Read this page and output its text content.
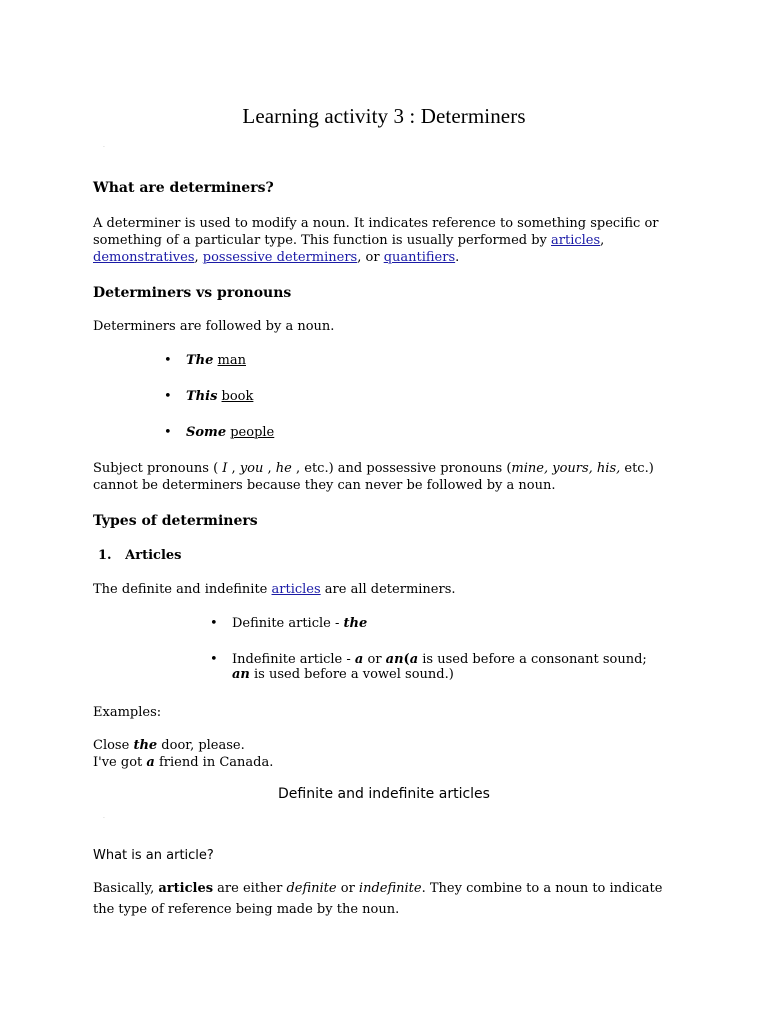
Learning activity 3 : Determiners
·
What are determiners?

A determiner is used to modify a noun. It indicates reference to something specific or something of a particular type. This function is usually performed by articles, demonstratives, possessive determiners, or quantifiers.

Determiners vs pronouns

Determiners are followed by a noun.

• The man
• This book
• Some people

Subject pronouns ( I , you , he , etc.) and possessive pronouns (mine, yours, his, etc.) cannot be determiners because they can never be followed by a noun.

Types of determiners
1. Articles

The definite and indefinite articles are all determiners.

• Definite article - the
• Indefinite article - a or an(a is used before a consonant sound; an is used before a vowel sound.)

Examples:

Close the door, please.

I've got a friend in Canada.

Definite and indefinite articles
·
What is an article?

Basically, articles are either definite or indefinite. They combine to a noun to indicate the type of reference being made by the noun.
